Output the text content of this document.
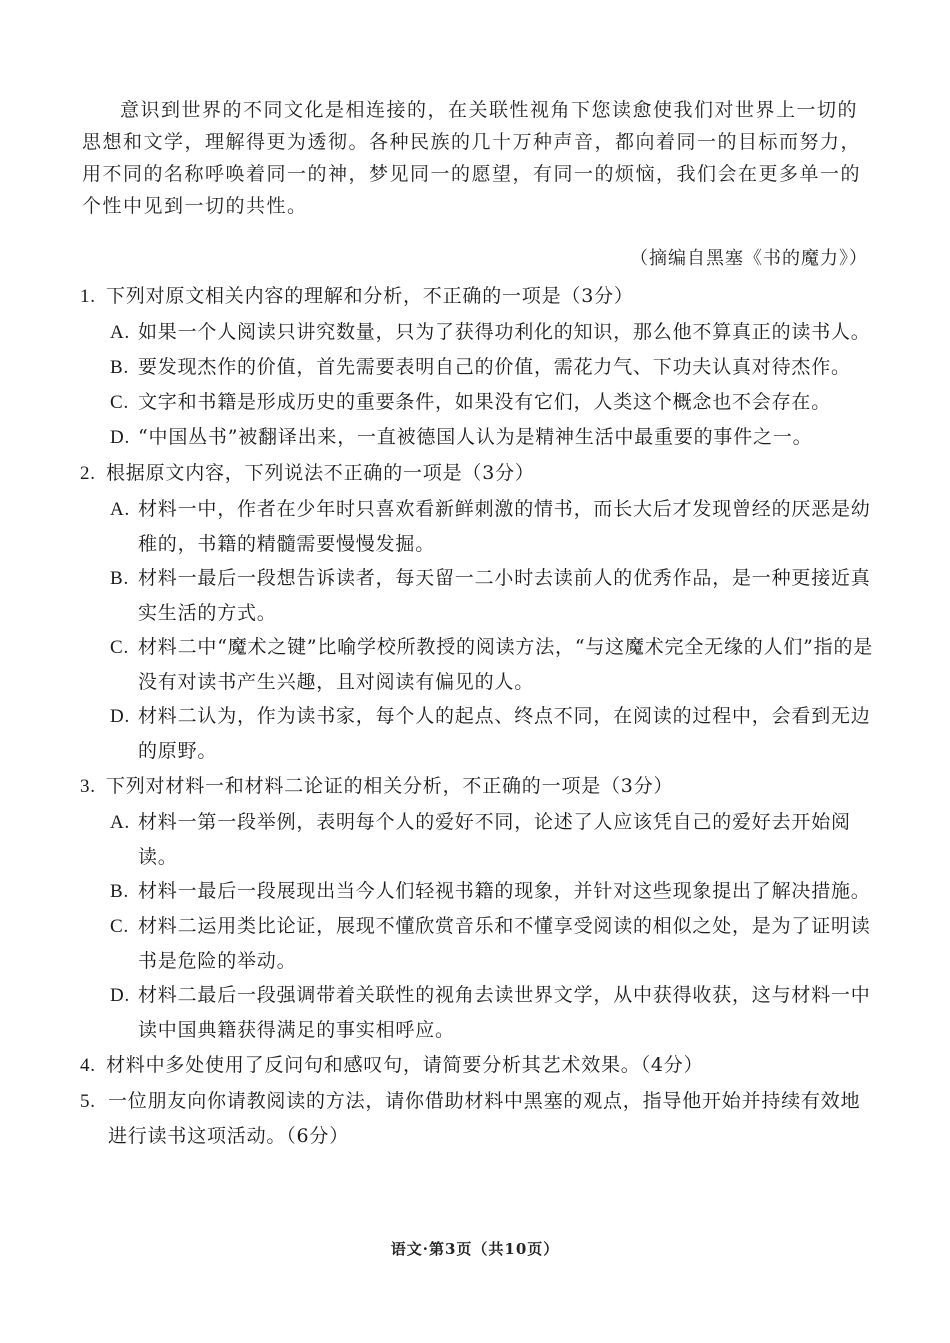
意识到世界的不同文化是相连接的，在关联性视角下您读愈使我们对世界上一切的思想和文学，理解得更为透彻。各种民族的几十万种声音，都向着同一的目标而努力，用不同的名称呼唤着同一的神，梦见同一的愿望，有同一的烦恼，我们会在更多单一的个性中见到一切的共性。

（摘编自黑塞《书的魔力》）

1. 下列对原文相关内容的理解和分析，不正确的一项是（3分）

A. 如果一个人阅读只讲究数量，只为了获得功利化的知识，那么他不算真正的读书人。

B. 要发现杰作的价值，首先需要表明自己的价值，需花力气、下功夫认真对待杰作。

C. 文字和书籍是形成历史的重要条件，如果没有它们，人类这个概念也不会存在。

D. “中国丛书”被翻译出来，一直被德国人认为是精神生活中最重要的事件之一。

2. 根据原文内容，下列说法不正确的一项是（3分）

A. 材料一中，作者在少年时只喜欢看新鲜刺激的情书，而长大后才发现曾经的厌恶是幼稚的，书籍的精髓需要慢慢发掘。

B. 材料一最后一段想告诉读者，每天留一二小时去读前人的优秀作品，是一种更接近真实生活的方式。

C. 材料二中“魔术之键”比喻学校所教授的阅读方法，“与这魔术完全无缘的人们”指的是没有对读书产生兴趣，且对阅读有偏见的人。

D. 材料二认为，作为读书家，每个人的起点、终点不同，在阅读的过程中，会看到无边的原野。

3. 下列对材料一和材料二论证的相关分析，不正确的一项是（3分）

A. 材料一第一段举例，表明每个人的爱好不同，论述了人应该凭自己的爱好去开始阅读。

B. 材料一最后一段展现出当今人们轻视书籍的现象，并针对这些现象提出了解决措施。

C. 材料二运用类比论证，展现不懂欣赏音乐和不懂享受阅读的相似之处，是为了证明读书是危险的举动。

D. 材料二最后一段强调带着关联性的视角去读世界文学，从中获得收获，这与材料一中读中国典籍获得满足的事实相呼应。

4. 材料中多处使用了反问句和感叹句，请简要分析其艺术效果。（4分）

5. 一位朋友向你请教阅读的方法，请你借助材料中黑塞的观点，指导他开始并持续有效地进行读书这项活动。（6分）

语文·第3页（共10页）
